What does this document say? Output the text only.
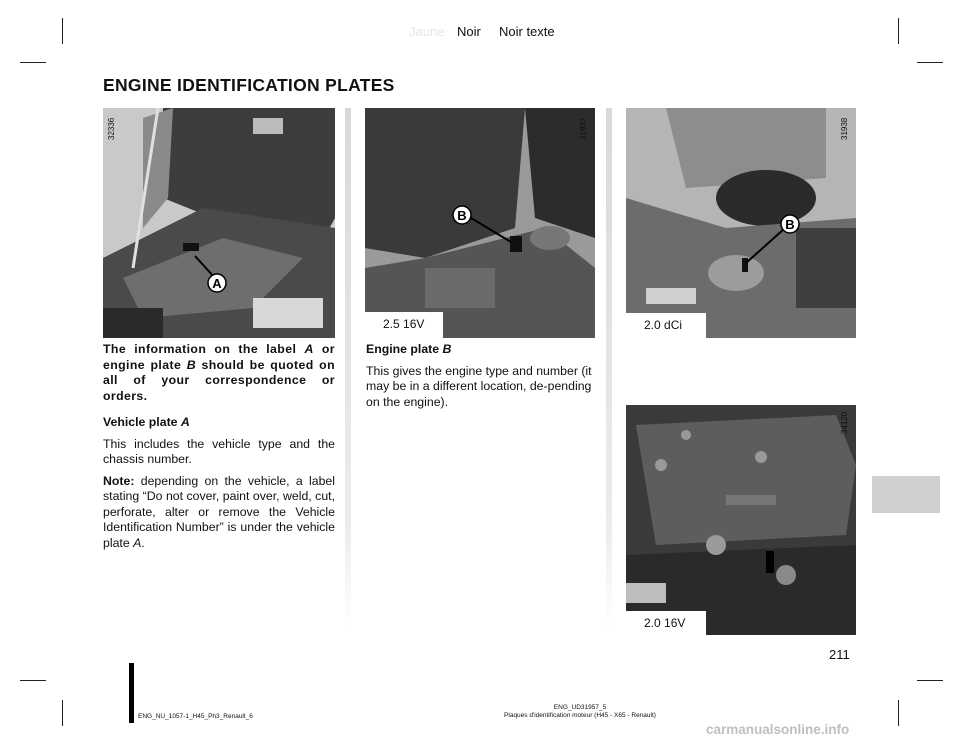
Jaune Noir Noir texte
ENGINE IDENTIFICATION PLATES
A
32336
B
2.5 16V
31937
B
2.0 dCi
31938
2.0 16V
34120

The information on the label A or engine plate B should be quoted on all of your correspondence or orders.

Vehicle plate A

This includes the vehicle type and the chassis number.

Note: depending on the vehicle, a label stating “Do not cover, paint over, weld, cut, perforate, alter or remove the Vehicle Identification Number” is under the vehicle plate A.

Engine plate B

This gives the engine type and number (it may be in a different location, de-pending on the engine).

211
ENG_NU_1057-1_H45_Ph3_Renault_6
ENG_UD31957_5
Plaques d'identification moteur (H45 - X65 - Renault)
carmanualsonline.info
